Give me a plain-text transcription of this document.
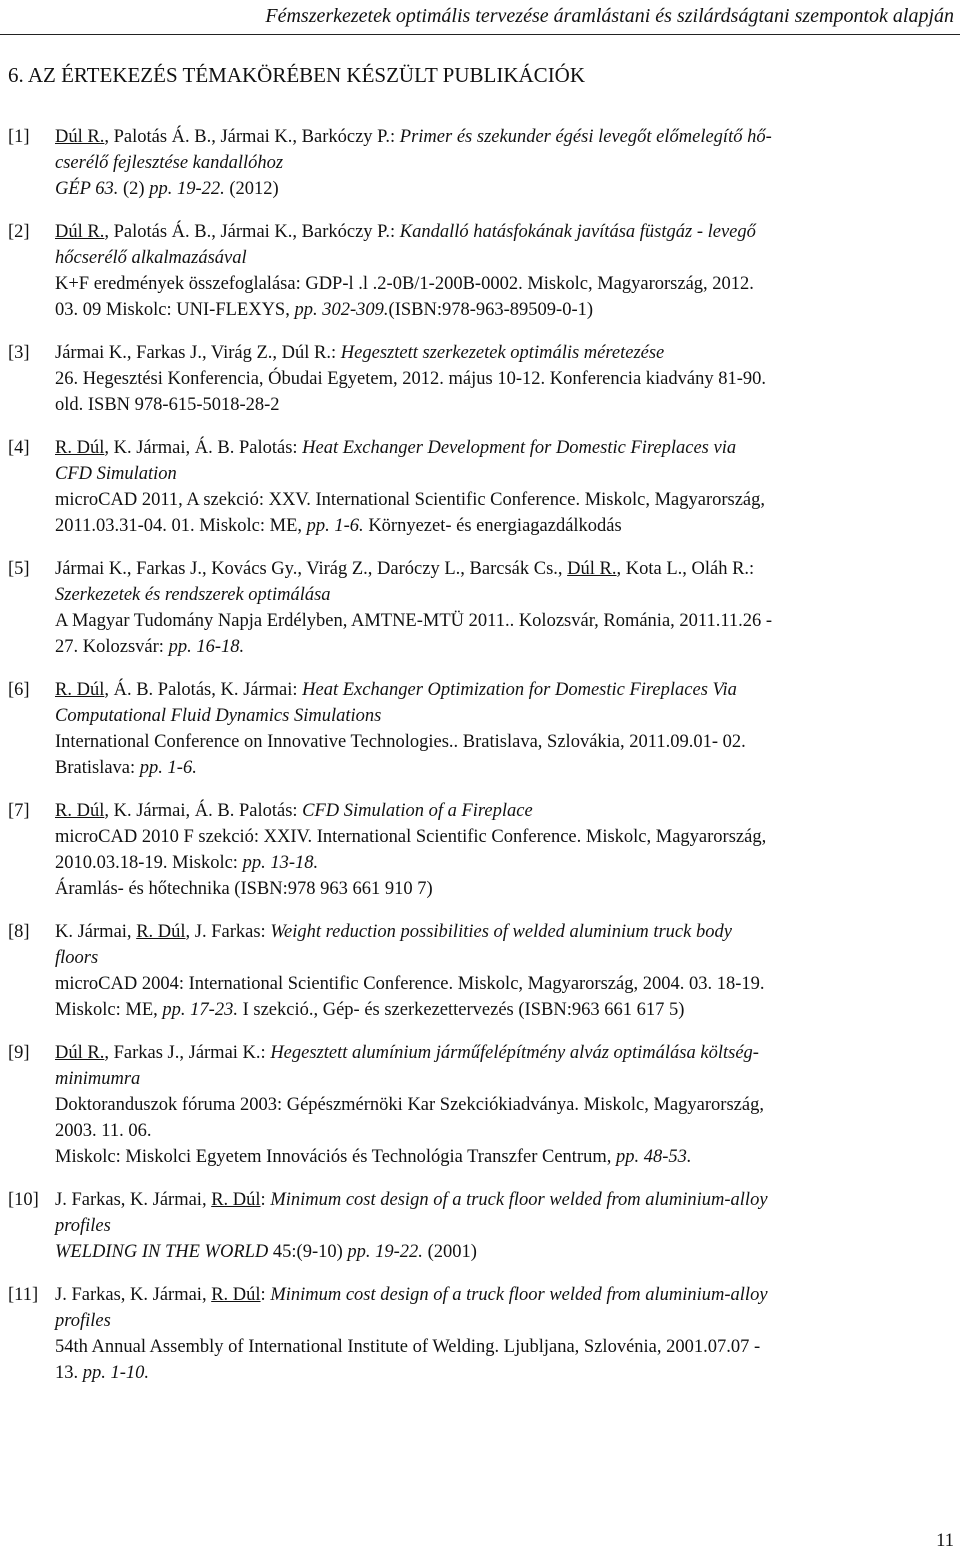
Fémszerkezetek optimális tervezése áramlástani és szilárdságtani szempontok alapján
6. AZ ÉRTEKEZÉS TÉMAKÖRÉBEN KÉSZÜLT PUBLIKÁCIÓK
[1] Dúl R., Palotás Á. B., Jármai K., Barkóczy P.: Primer és szekunder égési levegőt előmelegítő hő-
cserélő fejlesztése kandallóhoz
GÉP 63. (2) pp. 19-22. (2012)
[2] Dúl R., Palotás Á. B., Jármai K., Barkóczy P.: Kandalló hatásfokának javítása füstgáz - levegő
hőcserélő alkalmazásával
K+F eredmények összefoglalása: GDP-l .l .2-0B/1-200B-0002. Miskolc, Magyarország, 2012.
03. 09 Miskolc: UNI-FLEXYS, pp. 302-309.(ISBN:978-963-89509-0-1)
[3] Jármai K., Farkas J., Virág Z., Dúl R.: Hegesztett szerkezetek optimális méretezése
26. Hegesztési Konferencia, Óbudai Egyetem, 2012. május 10-12. Konferencia kiadvány 81-90.
old. ISBN 978-615-5018-28-2
[4] R. Dúl, K. Jármai, Á. B. Palotás: Heat Exchanger Development for Domestic Fireplaces via
CFD Simulation
microCAD 2011, A szekció: XXV. International Scientific Conference. Miskolc, Magyarország,
2011.03.31-04. 01. Miskolc: ME, pp. 1-6. Környezet- és energiagazdálkodás
[5] Jármai K., Farkas J., Kovács Gy., Virág Z., Daróczy L., Barcsák Cs., Dúl R., Kota L., Oláh R.:
Szerkezetek és rendszerek optimálása
A Magyar Tudomány Napja Erdélyben, AMTNE-MTÜ 2011.. Kolozsvár, Románia, 2011.11.26 -
27. Kolozsvár: pp. 16-18.
[6] R. Dúl, Á. B. Palotás, K. Jármai: Heat Exchanger Optimization for Domestic Fireplaces Via
Computational Fluid Dynamics Simulations
International Conference on Innovative Technologies.. Bratislava, Szlovákia, 2011.09.01- 02.
Bratislava: pp. 1-6.
[7] R. Dúl, K. Jármai, Á. B. Palotás: CFD Simulation of a Fireplace
microCAD 2010 F szekció: XXIV. International Scientific Conference. Miskolc, Magyarország,
2010.03.18-19. Miskolc: pp. 13-18.
Áramlás- és hőtechnika (ISBN:978 963 661 910 7)
[8] K. Jármai, R. Dúl, J. Farkas: Weight reduction possibilities of welded aluminium truck body
floors
microCAD 2004: International Scientific Conference. Miskolc, Magyarország, 2004. 03. 18-19.
Miskolc: ME, pp. 17-23. I szekció., Gép- és szerkezettervezés (ISBN:963 661 617 5)
[9] Dúl R., Farkas J., Jármai K.: Hegesztett alumínium járműfelépítmény alváz optimálása költség-
minimumra
Doktoranduszok fóruma 2003: Gépészmérnöki Kar Szekciókiadványa. Miskolc, Magyarország,
2003. 11. 06.
Miskolc: Miskolci Egyetem Innovációs és Technológia Transzfer Centrum, pp. 48-53.
[10] J. Farkas, K. Jármai, R. Dúl: Minimum cost design of a truck floor welded from aluminium-alloy
profiles
WELDING IN THE WORLD 45:(9-10) pp. 19-22. (2001)
[11] J. Farkas, K. Jármai, R. Dúl: Minimum cost design of a truck floor welded from aluminium-alloy
profiles
54th Annual Assembly of International Institute of Welding. Ljubljana, Szlovénia, 2001.07.07 -
13. pp. 1-10.
11
